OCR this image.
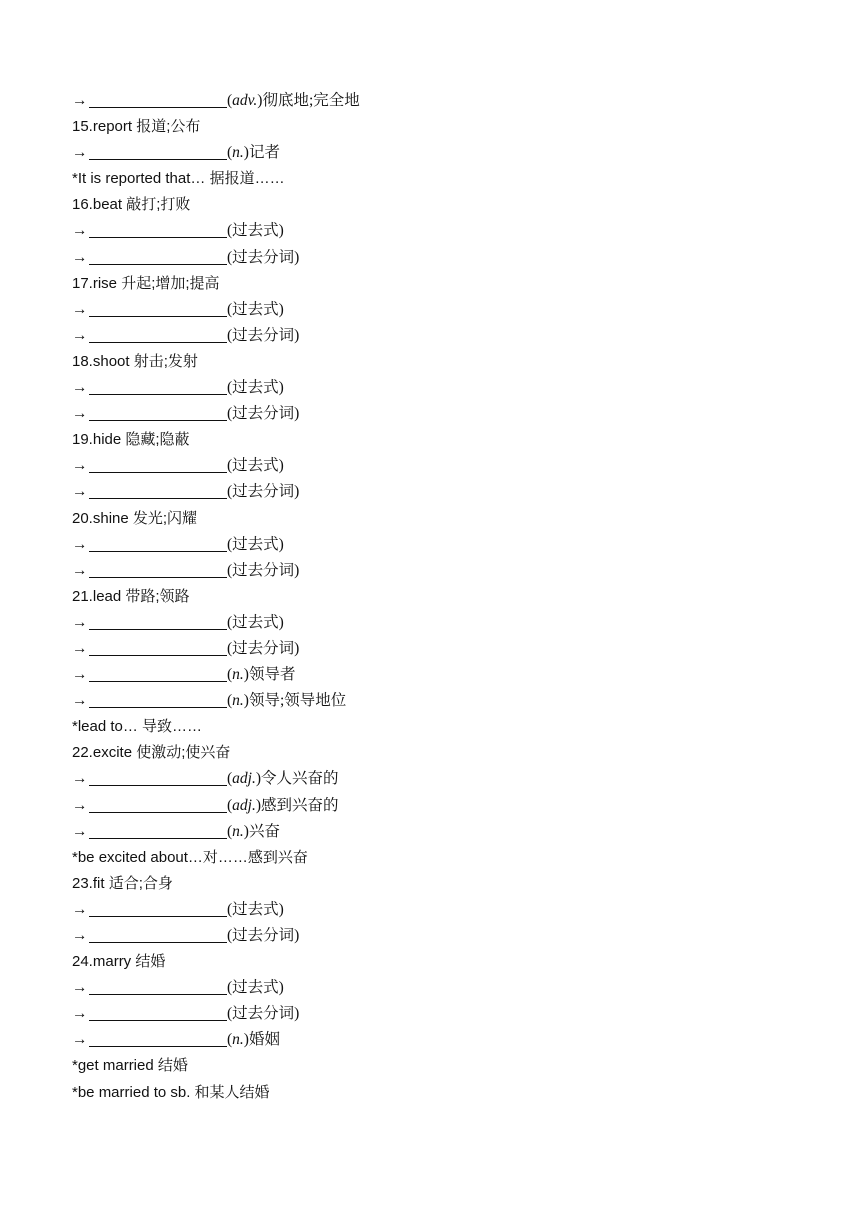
→	(adv.)彻底地;完全地
15.report 报道;公布
→	(n.)记者
*It is reported that… 据报道……
16.beat 敲打;打败
→	(过去式)
→	(过去分词)
17.rise 升起;增加;提高
→	(过去式)
→	(过去分词)
18.shoot 射击;发射
→	(过去式)
→	(过去分词)
19.hide 隐藏;隐蔽
→	(过去式)
→	(过去分词)
20.shine 发光;闪耀
→	(过去式)
→	(过去分词)
21.lead 带路;领路
→	(过去式)
→	(过去分词)
→	(n.)领导者
→	(n.)领导;领导地位
*lead to… 导致……
22.excite 使激动;使兴奋
→	(adj.)令人兴奋的
→	(adj.)感到兴奋的
→	(n.)兴奋
*be excited about…对……感到兴奋
23.fit 适合;合身
→	(过去式)
→	(过去分词)
24.marry 结婚
→	(过去式)
→	(过去分词)
→	(n.)婚姻
*get married 结婚
*be married to sb. 和某人结婚
